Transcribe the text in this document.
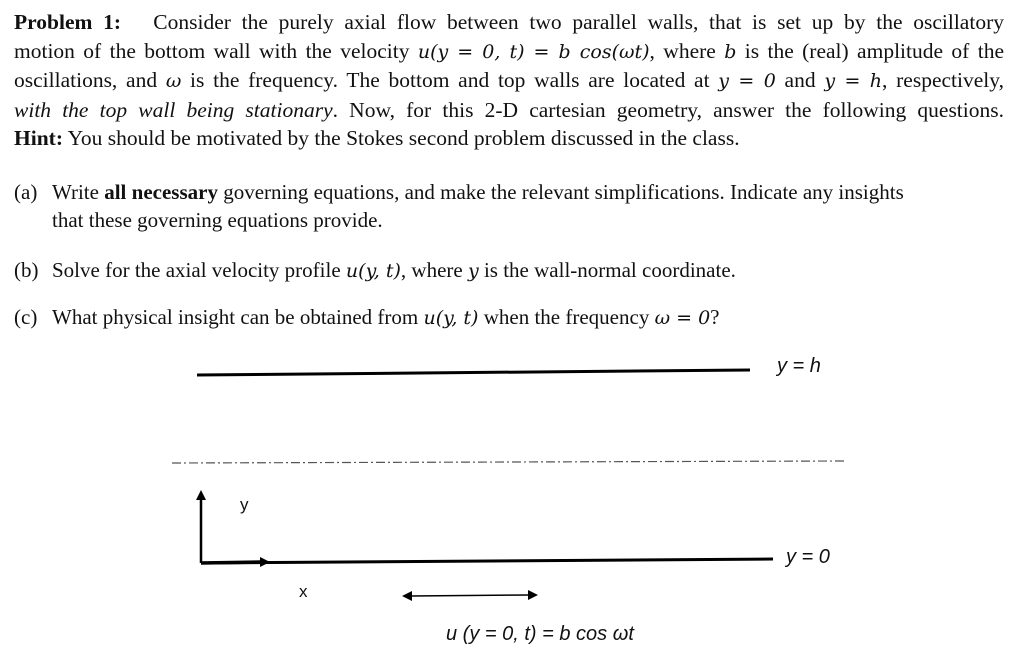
Problem 1: Consider the purely axial flow between two parallel walls, that is set up by the oscillatory
motion of the bottom wall with the velocity u(y = 0, t) = b cos(ωt), where b is the (real) amplitude of the
oscillations, and ω is the frequency. The bottom and top walls are located at y = 0 and y = h, respectively,
with the top wall being stationary. Now, for this 2-D cartesian geometry, answer the following questions.
Hint: You should be motivated by the Stokes second problem discussed in the class.
(a) Write all necessary governing equations, and make the relevant simplifications. Indicate any insights
that these governing equations provide.
(b) Solve for the axial velocity profile u(y, t), where y is the wall-normal coordinate.
(c) What physical insight can be obtained from u(y, t) when the frequency ω = 0?
y = h
y
y = 0
x
u (y = 0, t) = b cos ωt
